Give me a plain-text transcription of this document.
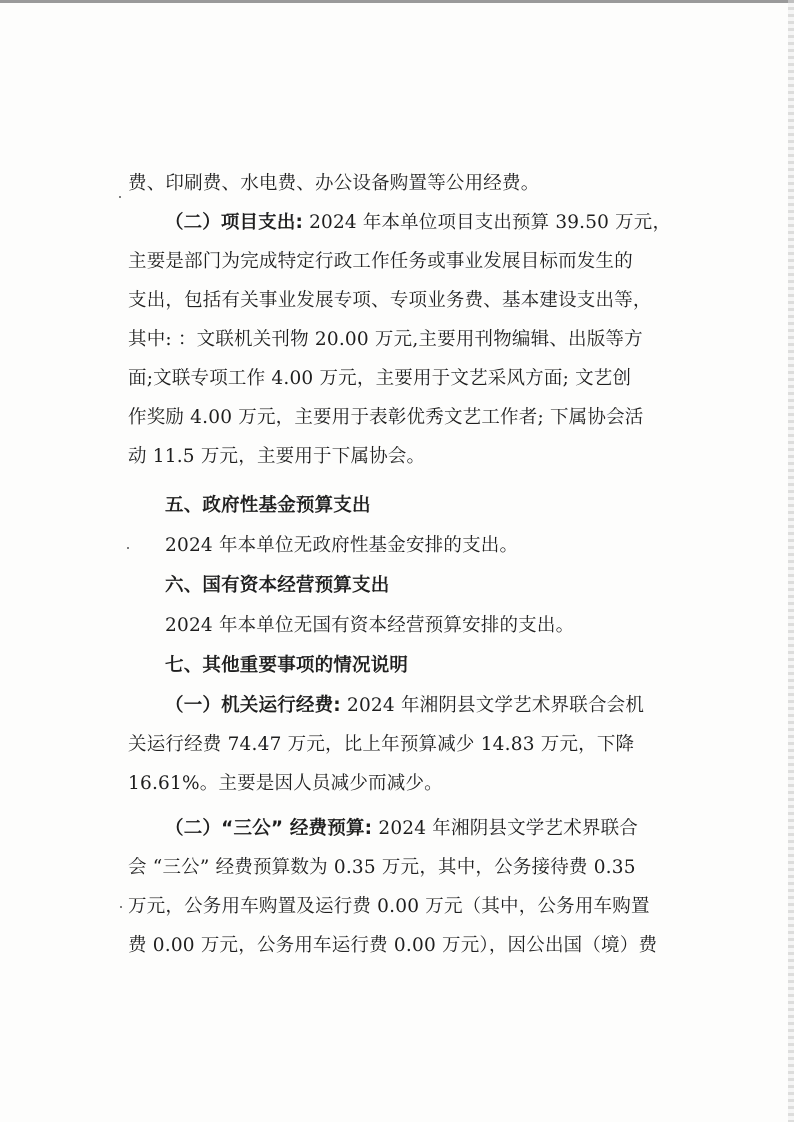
费、印刷费、水电费、办公设备购置等公用经费。
（二）项目支出: 2024 年本单位项目支出预算 39.50 万元，
主要是部门为完成特定行政工作任务或事业发展目标而发生的
支出，包括有关事业发展专项、专项业务费、基本建设支出等，
其中: ：文联机关刊物 20.00 万元,主要用刊物编辑、出版等方
面;文联专项工作 4.00 万元，主要用于文艺采风方面; 文艺创
作奖励 4.00 万元，主要用于表彰优秀文艺工作者; 下属协会活
动 11.5 万元，主要用于下属协会。
五、政府性基金预算支出
2024 年本单位无政府性基金安排的支出。
六、国有资本经营预算支出
2024 年本单位无国有资本经营预算安排的支出。
七、其他重要事项的情况说明
（一）机关运行经费: 2024 年湘阴县文学艺术界联合会机
关运行经费 74.47 万元，比上年预算减少 14.83 万元，下降
16.61%。主要是因人员减少而减少。
（二）“三公” 经费预算: 2024 年湘阴县文学艺术界联合
会 “三公” 经费预算数为 0.35 万元，其中，公务接待费 0.35
万元，公务用车购置及运行费 0.00 万元（其中，公务用车购置
费 0.00 万元，公务用车运行费 0.00 万元），因公出国（境）费
